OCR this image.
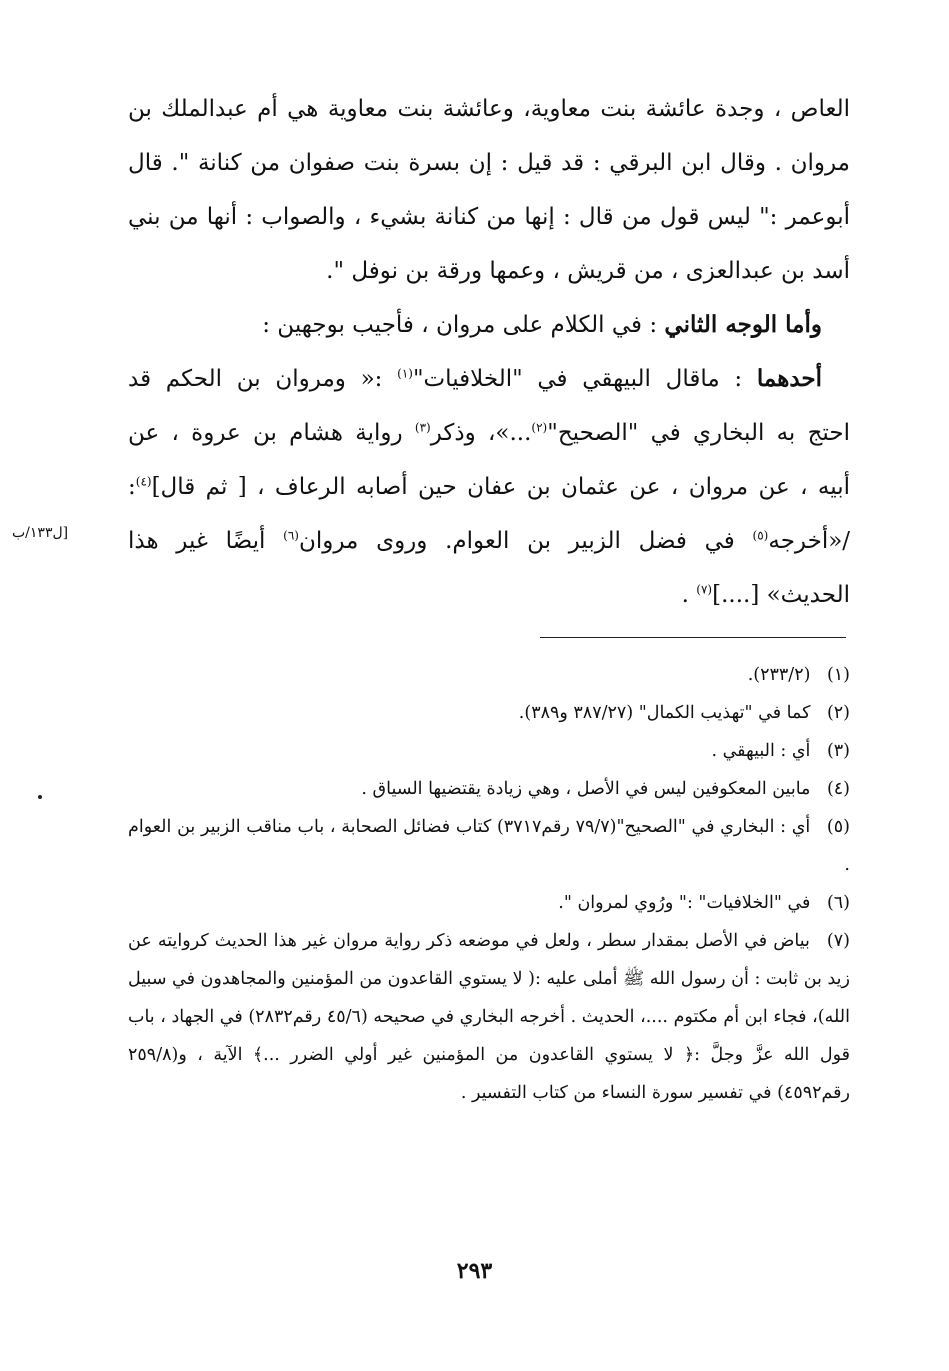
العاص ، وجدة عائشة بنت معاوية، وعائشة بنت معاوية هي أم عبدالملك بن
مروان . وقال ابن البرقي : قد قيل : إن بسرة بنت صفوان من كنانة ". قال
أبوعمر :" ليس قول من قال : إنها من كنانة بشيء ، والصواب : أنها من بني
أسد بن عبدالعزى ، من قريش ، وعمها ورقة بن نوفل ".
وأما الوجه الثاني : في الكلام على مروان ، فأجيب بوجهين :
أحدهما : ماقال البيهقي في "الخلافيات"$^{(١)}$ :« ومروان بن الحكم قد
احتج به البخاري في "الصحيح"$^{(٢)}$...»، وذكر$^{(٣)}$ رواية هشام بن عروة ، عن
أبيه ، عن مروان ، عن عثمان بن عفان حين أصابه الرعاف ، [ ثم قال]$^{(٤)}$:
/«أخرجه$^{(٥)}$ في فضل الزبير بن العوام. وروى مروان$^{(٦)}$ أيضًا غير هذا
الحديث» [....]$^{(٧)}$ .
[ل١٣٣/ب
(١) (٢٣٣/٢).
(٢) كما في "تهذيب الكمال" (٣٨٧/٢٧ و٣٨٩).
(٣) أي : البيهقي .
(٤) مابين المعكوفين ليس في الأصل ، وهي زيادة يقتضيها السياق .
(٥) أي : البخاري في "الصحيح"(٧٩/٧ رقم٣٧١٧) كتاب فضائل الصحابة ، باب مناقب الزبير بن العوام .
(٦) في "الخلافيات" :" ورُوي لمروان ".
(٧) بياض في الأصل بمقدار سطر ، ولعل في موضعه ذكر رواية مروان غير هذا الحديث كروايته عن زيد بن ثابت : أن رسول الله ﷺ أملى عليه :( لا يستوي القاعدون من المؤمنين والمجاهدون في سبيل الله)، فجاء ابن أم مكتوم ....، الحديث . أخرجه البخاري في صحيحه (٤٥/٦ رقم٢٨٣٢) في الجهاد ، باب قول الله عزَّ وجلَّ :﴿ لا يستوي القاعدون من المؤمنين غير أولي الضرر ...﴾ الآية ، و(٢٥٩/٨ رقم٤٥٩٢) في تفسير سورة النساء من كتاب التفسير .
٢٩٣
